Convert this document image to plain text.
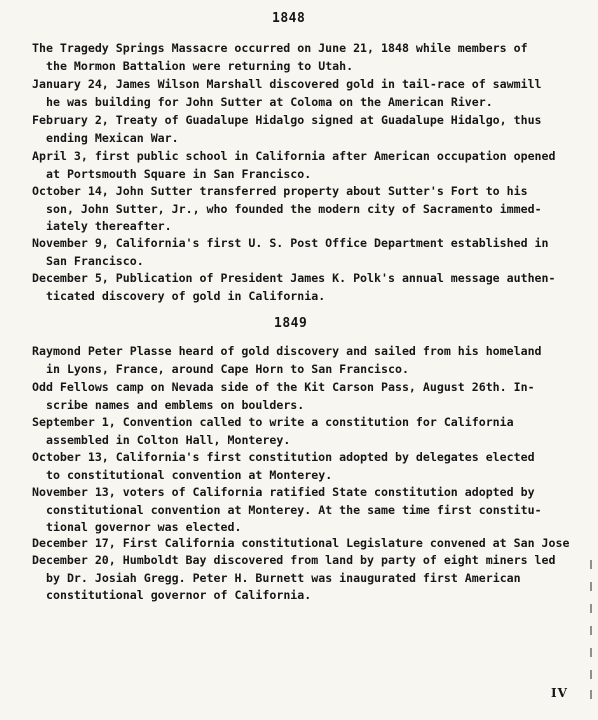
1848
The Tragedy Springs Massacre occurred on June 21, 1848 while members of
the Mormon Battalion were returning to Utah.
January 24, James Wilson Marshall discovered gold in tail-race of sawmill
he was building for John Sutter at Coloma on the American River.
February 2, Treaty of Guadalupe Hidalgo signed at Guadalupe Hidalgo, thus
ending Mexican War.
April 3, first public school in California after American occupation opened
at Portsmouth Square in San Francisco.
October 14, John Sutter transferred property about Sutter's Fort to his
son, John Sutter, Jr., who founded the modern city of Sacramento immed-
iately thereafter.
November 9, California's first U. S. Post Office Department established in
San Francisco.
December 5, Publication of President James K. Polk's annual message authen-
ticated discovery of gold in California.
1849
Raymond Peter Plasse heard of gold discovery and sailed from his homeland
in Lyons, France, around Cape Horn to San Francisco.
Odd Fellows camp on Nevada side of the Kit Carson Pass, August 26th. In-
scribe names and emblems on boulders.
September 1, Convention called to write a constitution for California
assembled in Colton Hall, Monterey.
October 13, California's first constitution adopted by delegates elected
to constitutional convention at Monterey.
November 13, voters of California ratified State constitution adopted by
constitutional convention at Monterey. At the same time first constitu-
tional governor was elected.
December 17, First California constitutional Legislature convened at San Jose
December 20, Humboldt Bay discovered from land by party of eight miners led
by Dr. Josiah Gregg. Peter H. Burnett was inaugurated first American
constitutional governor of California.
IV
